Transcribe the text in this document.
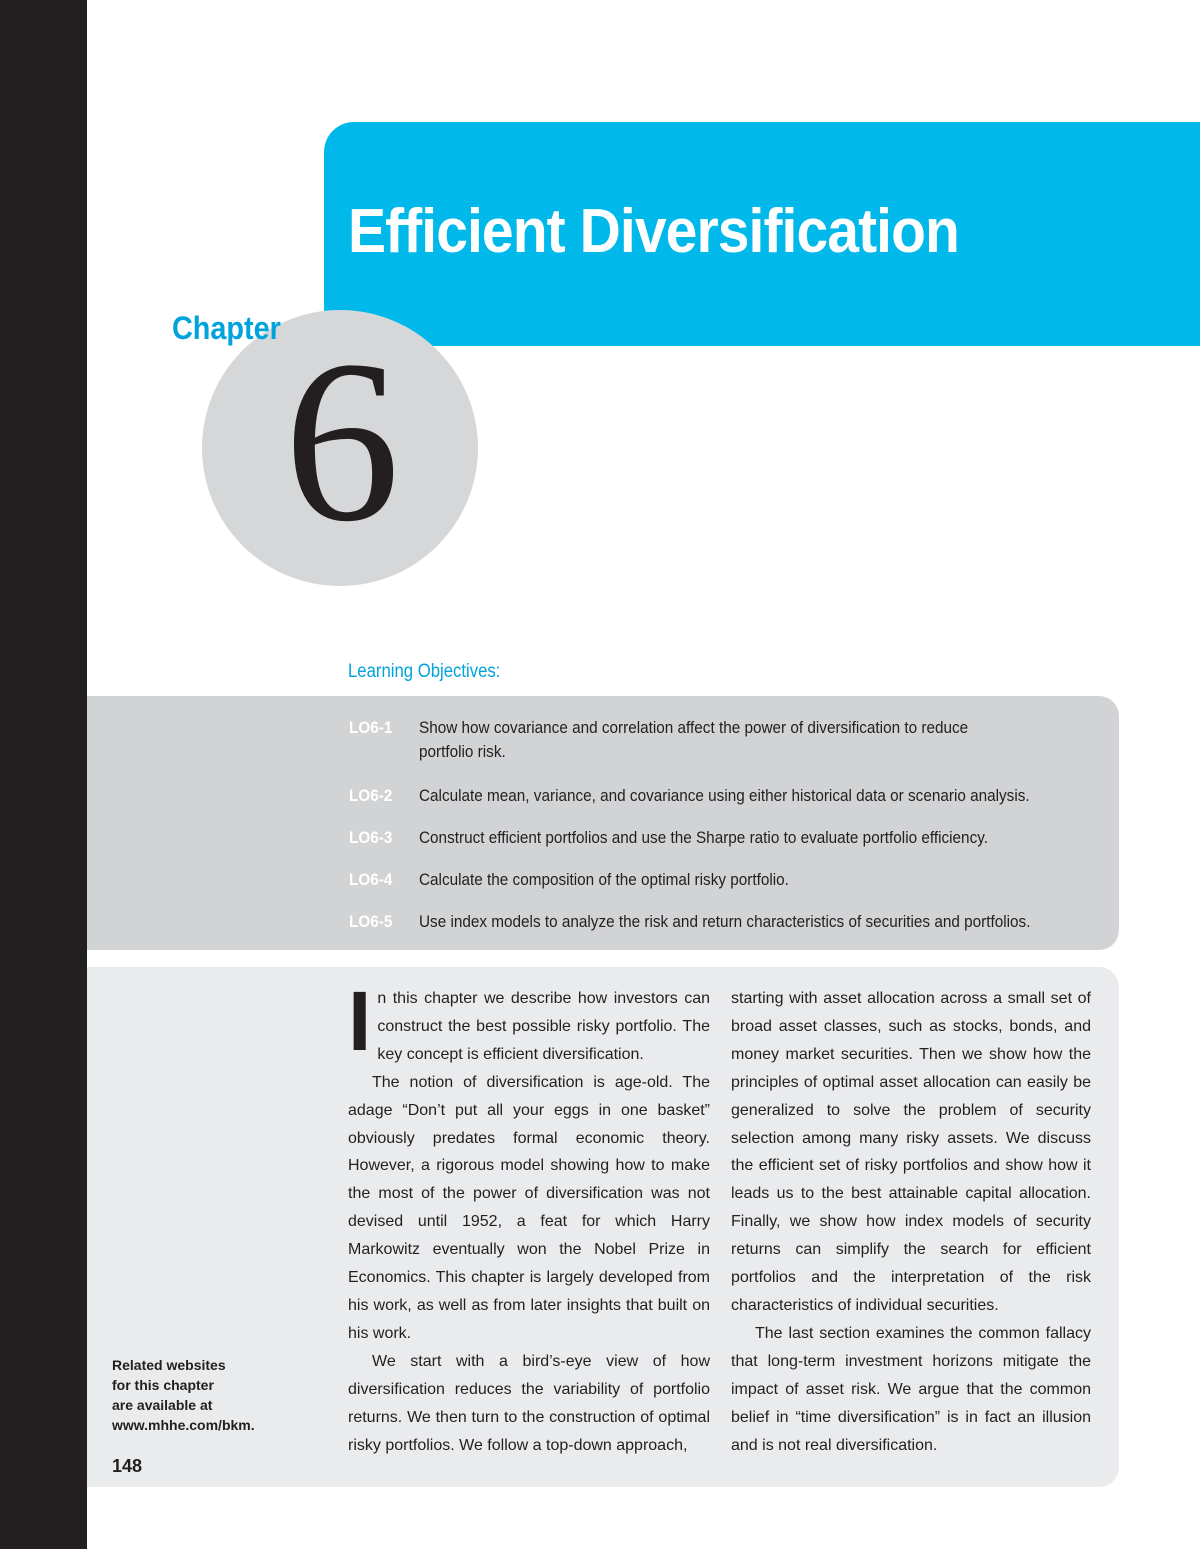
Efficient Diversification
Chapter 6
Learning Objectives:
LO6-1	Show how covariance and correlation affect the power of diversification to reduce
portfolio risk.
LO6-2	Calculate mean, variance, and covariance using either historical data or scenario analysis.
LO6-3	Construct efficient portfolios and use the Sharpe ratio to evaluate portfolio efficiency.
LO6-4	Calculate the composition of the optimal risky portfolio.
LO6-5	Use index models to analyze the risk and return characteristics of securities and portfolios.

In this chapter we describe how investors can construct the best possible risky portfolio. The key concept is efficient diversification.

The notion of diversification is age-old. The adage “Don’t put all your eggs in one basket” obviously predates formal economic theory. However, a rigorous model showing how to make the most of the power of diversification was not devised until 1952, a feat for which Harry Markowitz eventually won the Nobel Prize in Economics. This chapter is largely developed from his work, as well as from later insights that built on his work.

We start with a bird’s-eye view of how diversification reduces the variability of portfolio returns. We then turn to the construction of optimal risky portfolios. We follow a top-down approach,

starting with asset allocation across a small set of broad asset classes, such as stocks, bonds, and money market securities. Then we show how the principles of optimal asset allocation can easily be generalized to solve the problem of security selection among many risky assets. We discuss the efficient set of risky portfolios and show how it leads us to the best attainable capital allocation. Finally, we show how index models of security returns can simplify the search for efficient portfolios and the interpretation of the risk characteristics of individual securities.

The last section examines the common fallacy that long-term investment horizons mitigate the impact of asset risk. We argue that the common belief in “time diversification” is in fact an illusion and is not real diversification.

Related websites
for this chapter
are available at
www.mhhe.com/bkm.
148
